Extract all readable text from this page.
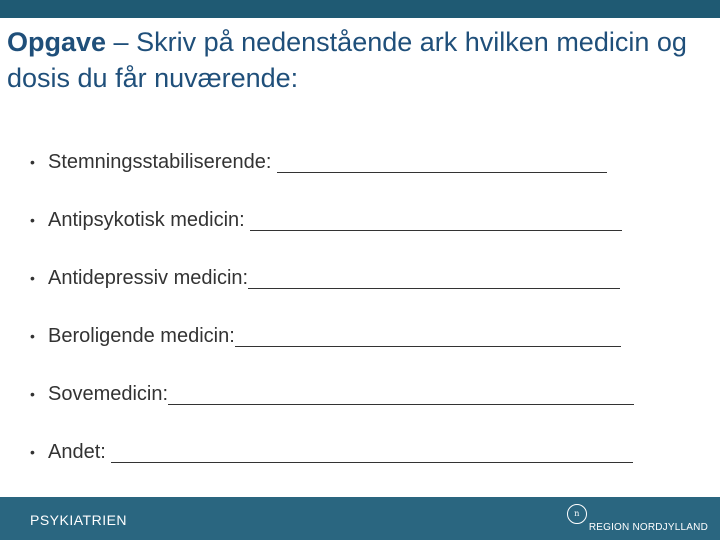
Opgave – Skriv på nedenstående ark hvilken medicin og dosis du får nuværende:
• Stemningsstabiliserende:
• Antipsykotisk medicin:
• Antidepressiv medicin:
• Beroligende medicin:
• Sovemedicin:
• Andet:
PSYKIATRIEN	n
REGION NORDJYLLAND
